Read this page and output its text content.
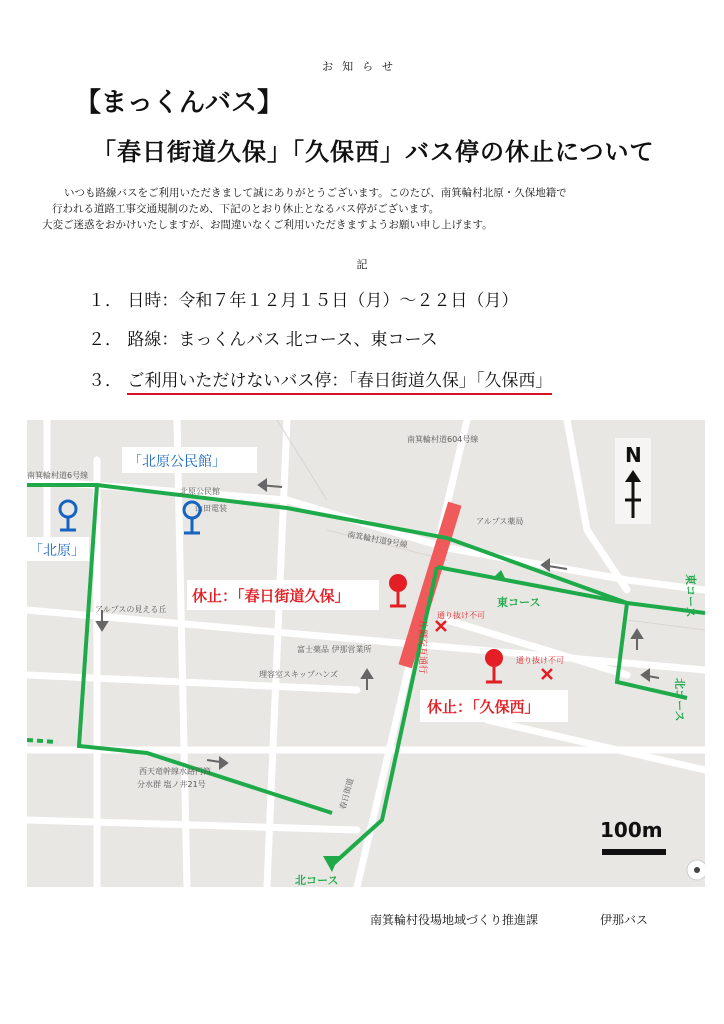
お知らせ
【まっくんバス】
「春日街道久保」「久保西」バス停の休止について
いつも路線バスをご利用いただきまして誠にありがとうございます。このたび、南箕輪村北原・久保地籍で
行われる道路工事交通規制のため、下記のとおり休止となるバス停がございます。
大変ご迷惑をおかけいたしますが、お間違いなくご利用いただきますようお願い申し上げます。
記
１． 日時：令和７年１２月１５日（月）～２２日（月）
２． 路線：まっくんバス 北コース、東コース
３． ご利用いただけないバス停：「春日街道久保」「久保西」
南箕輪村道604号線
南箕輪村道6号線
南箕輪村道9号線
北原公民館
山田電装
アルプス薬局
アルプスの見える丘
富士薬品 伊那営業所
理容室スキップハンズ
西天竜幹線水路円筒
分水群 塩ノ井21号	春日街道
「北原公民館」
「北原」
休止：「春日街道久保」
休止：「久保西」
通り抜け不可
通り抜け不可
片側交互通行
東コース	東コース
北コース
北コース
N
100m
南箕輪村役場地域づくり推進課	伊那バス
